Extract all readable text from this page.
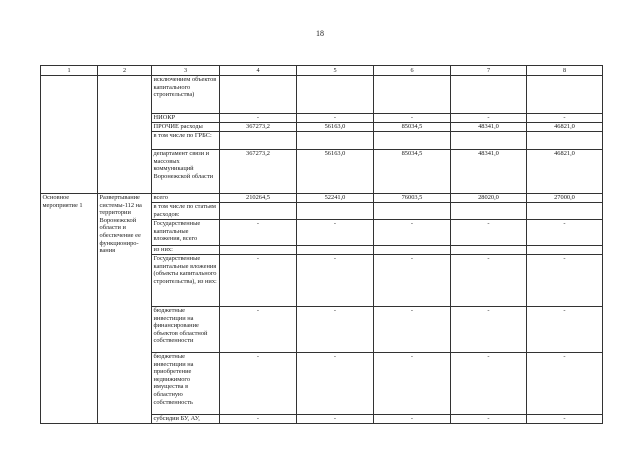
18
1	2	3	4	5	6	7	8
		исключением объектов капитального строительства)					
		НИОКР	-	-	-	-	-
		ПРОЧИЕ расходы	367273,2	56163,0	85034,5	48341,0	46821,0
		в том числе по ГРБС:					
		департамент связи и массовых коммуникаций Воронежской области	367273,2	56163,0	85034,5	48341,0	46821,0
Основное мероприятие 1	Развертывание системы-112 на территории Воронежской области и обеспечение ее функциониро-вания	всего	210264,5	52241,0	76003,5	28020,0	27000,0
		в том числе по статьям расходов:					
		Государственные капитальные вложения, всего	-	-	-	-	-
		из них:					
		Государственные капитальные вложения (объекты капитального строительства), из них:	-	-	-	-	-
		бюджетные инвестиции на финансирование объектов областной собственности	-	-	-	-	-
		бюджетные инвестиции на приобретение недвижимого имущества в областную собственность	-	-	-	-	-
		субсидии БУ, АУ,	-	-	-	-	-
